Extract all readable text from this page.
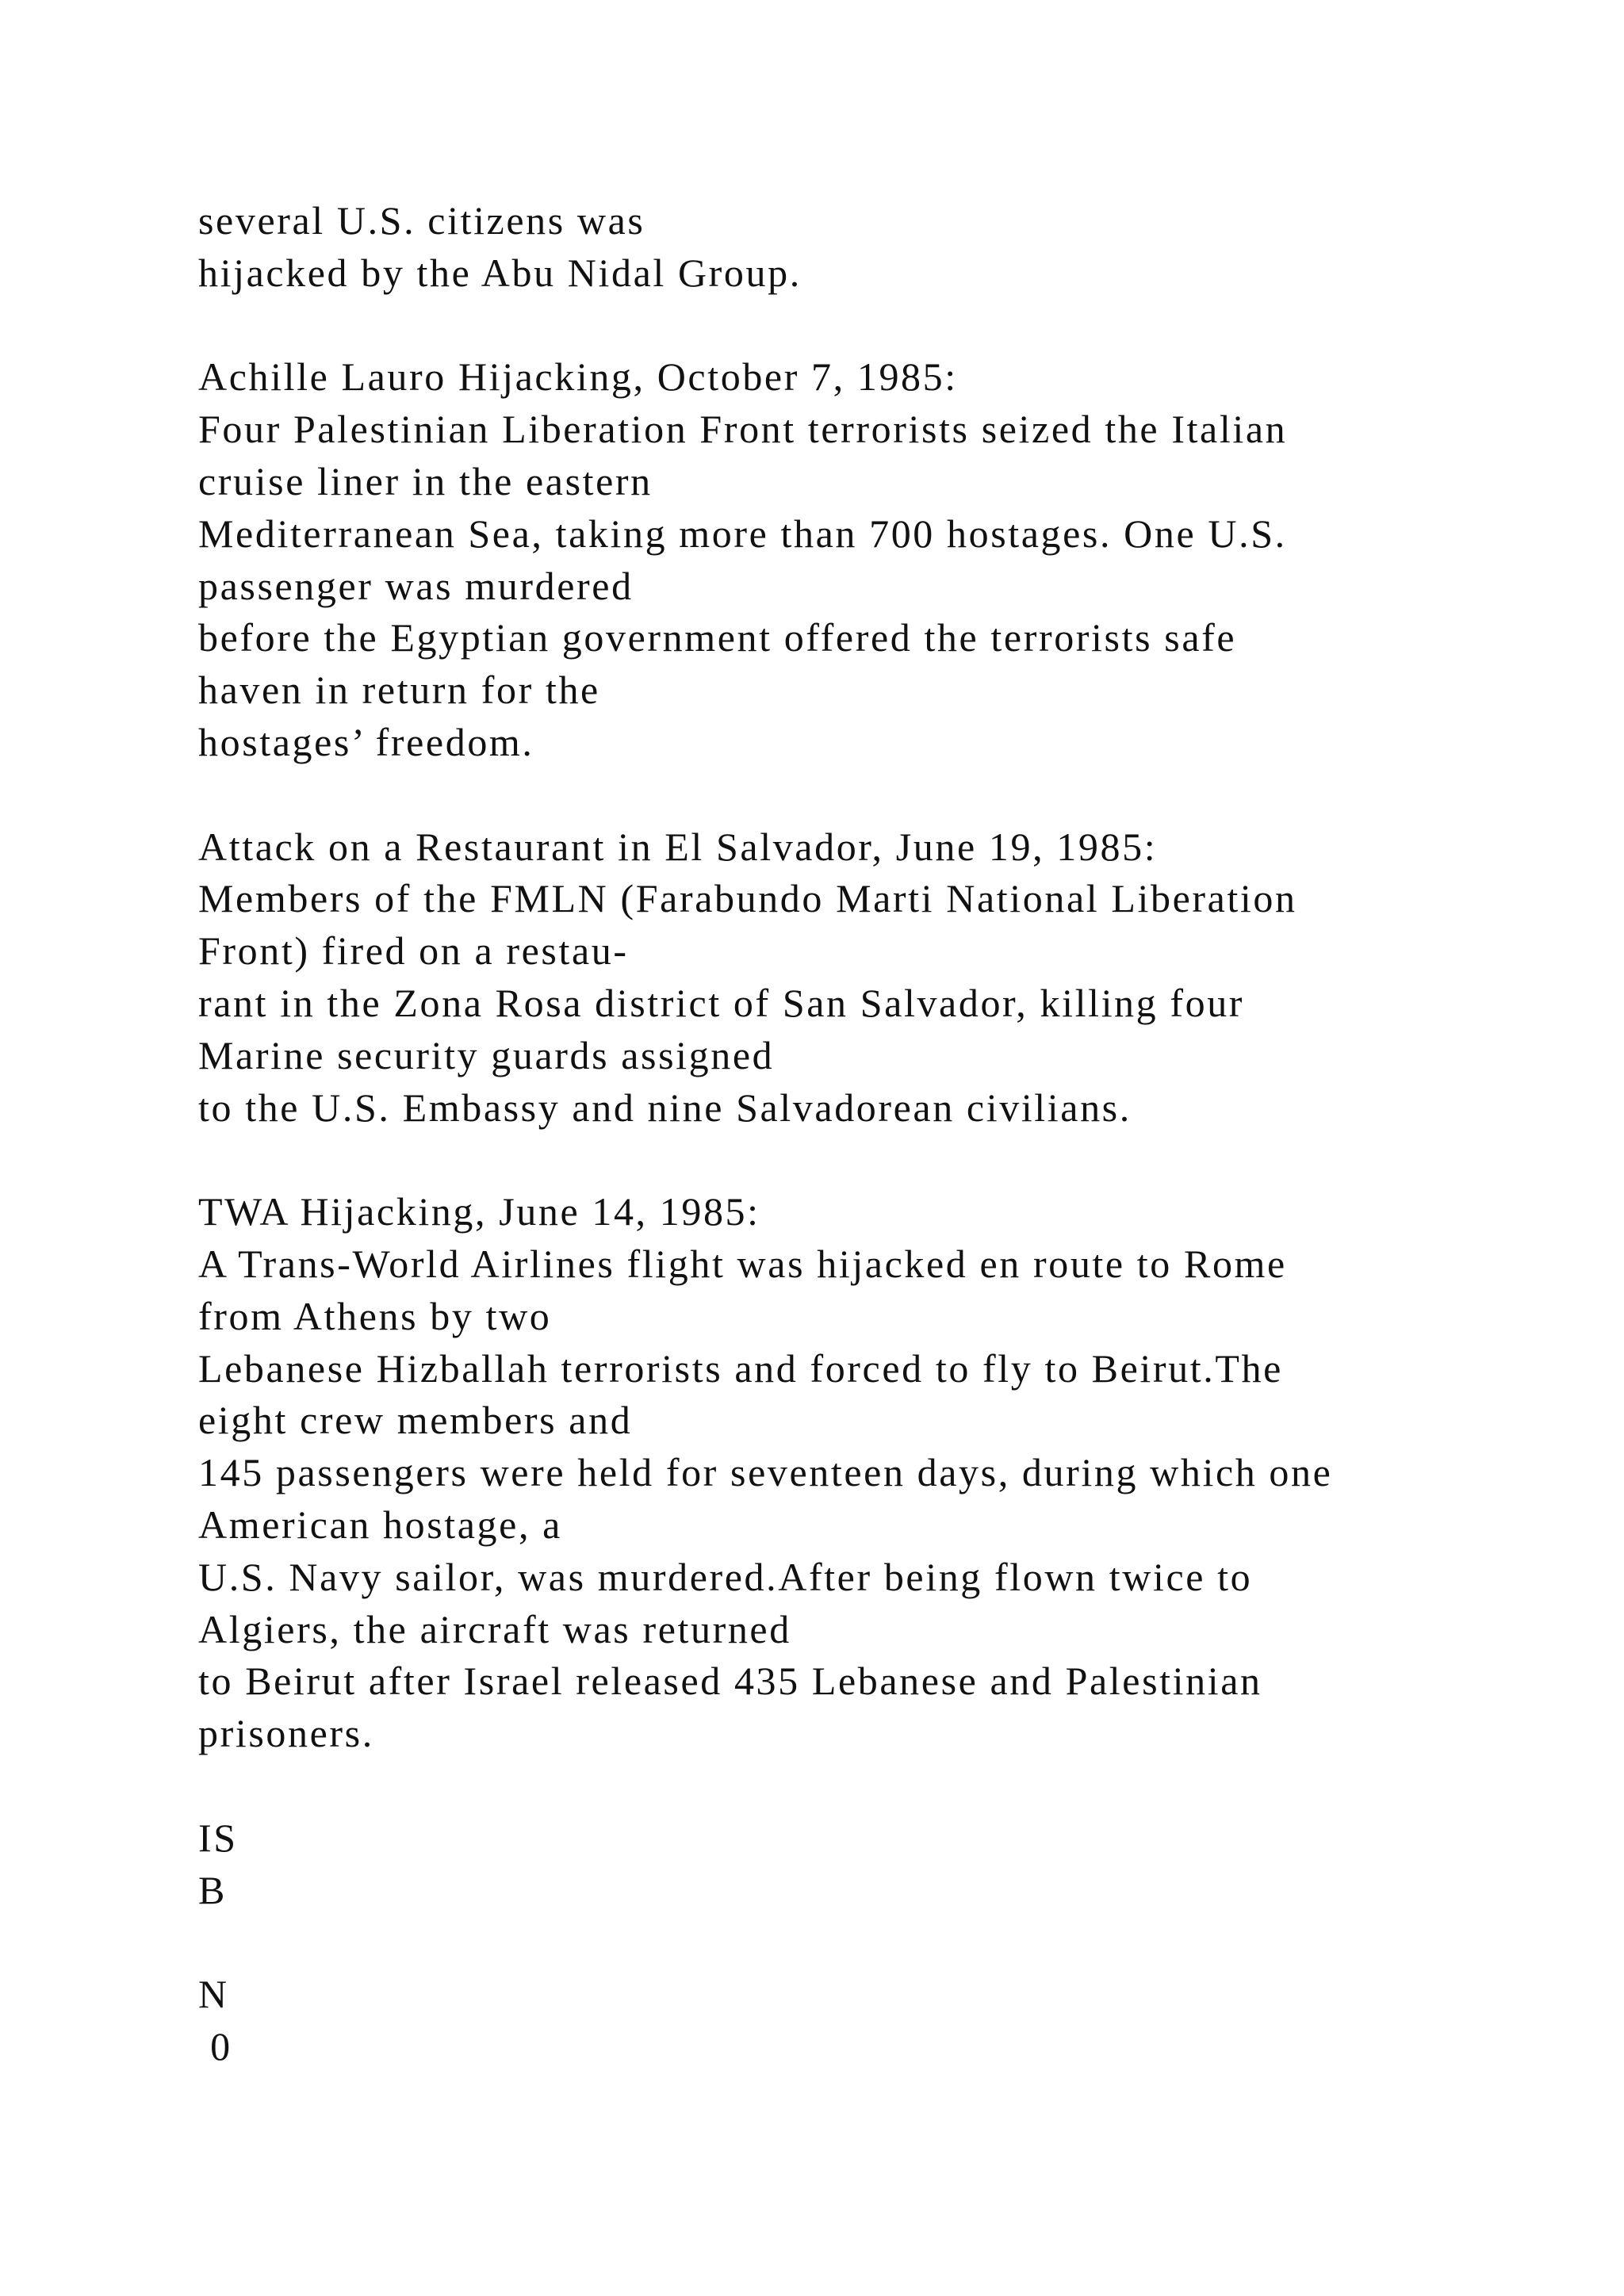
several U.S. citizens was
hijacked by the Abu Nidal Group.
Achille Lauro Hijacking, October 7, 1985:
Four Palestinian Liberation Front terrorists seized the Italian
cruise liner in the eastern
Mediterranean Sea, taking more than 700 hostages. One U.S.
passenger was murdered
before the Egyptian government offered the terrorists safe
haven in return for the
hostages’ freedom.
Attack on a Restaurant in El Salvador, June 19, 1985:
Members of the FMLN (Farabundo Marti National Liberation
Front) fired on a restau-
rant in the Zona Rosa district of San Salvador, killing four
Marine security guards assigned
to the U.S. Embassy and nine Salvadorean civilians.
TWA Hijacking, June 14, 1985:
A Trans-World Airlines flight was hijacked en route to Rome
from Athens by two
Lebanese Hizballah terrorists and forced to fly to Beirut.The
eight crew members and
145 passengers were held for seventeen days, during which one
American hostage, a
U.S. Navy sailor, was murdered.After being flown twice to
Algiers, the aircraft was returned
to Beirut after Israel released 435 Lebanese and Palestinian
prisoners.
IS
B
N
0
